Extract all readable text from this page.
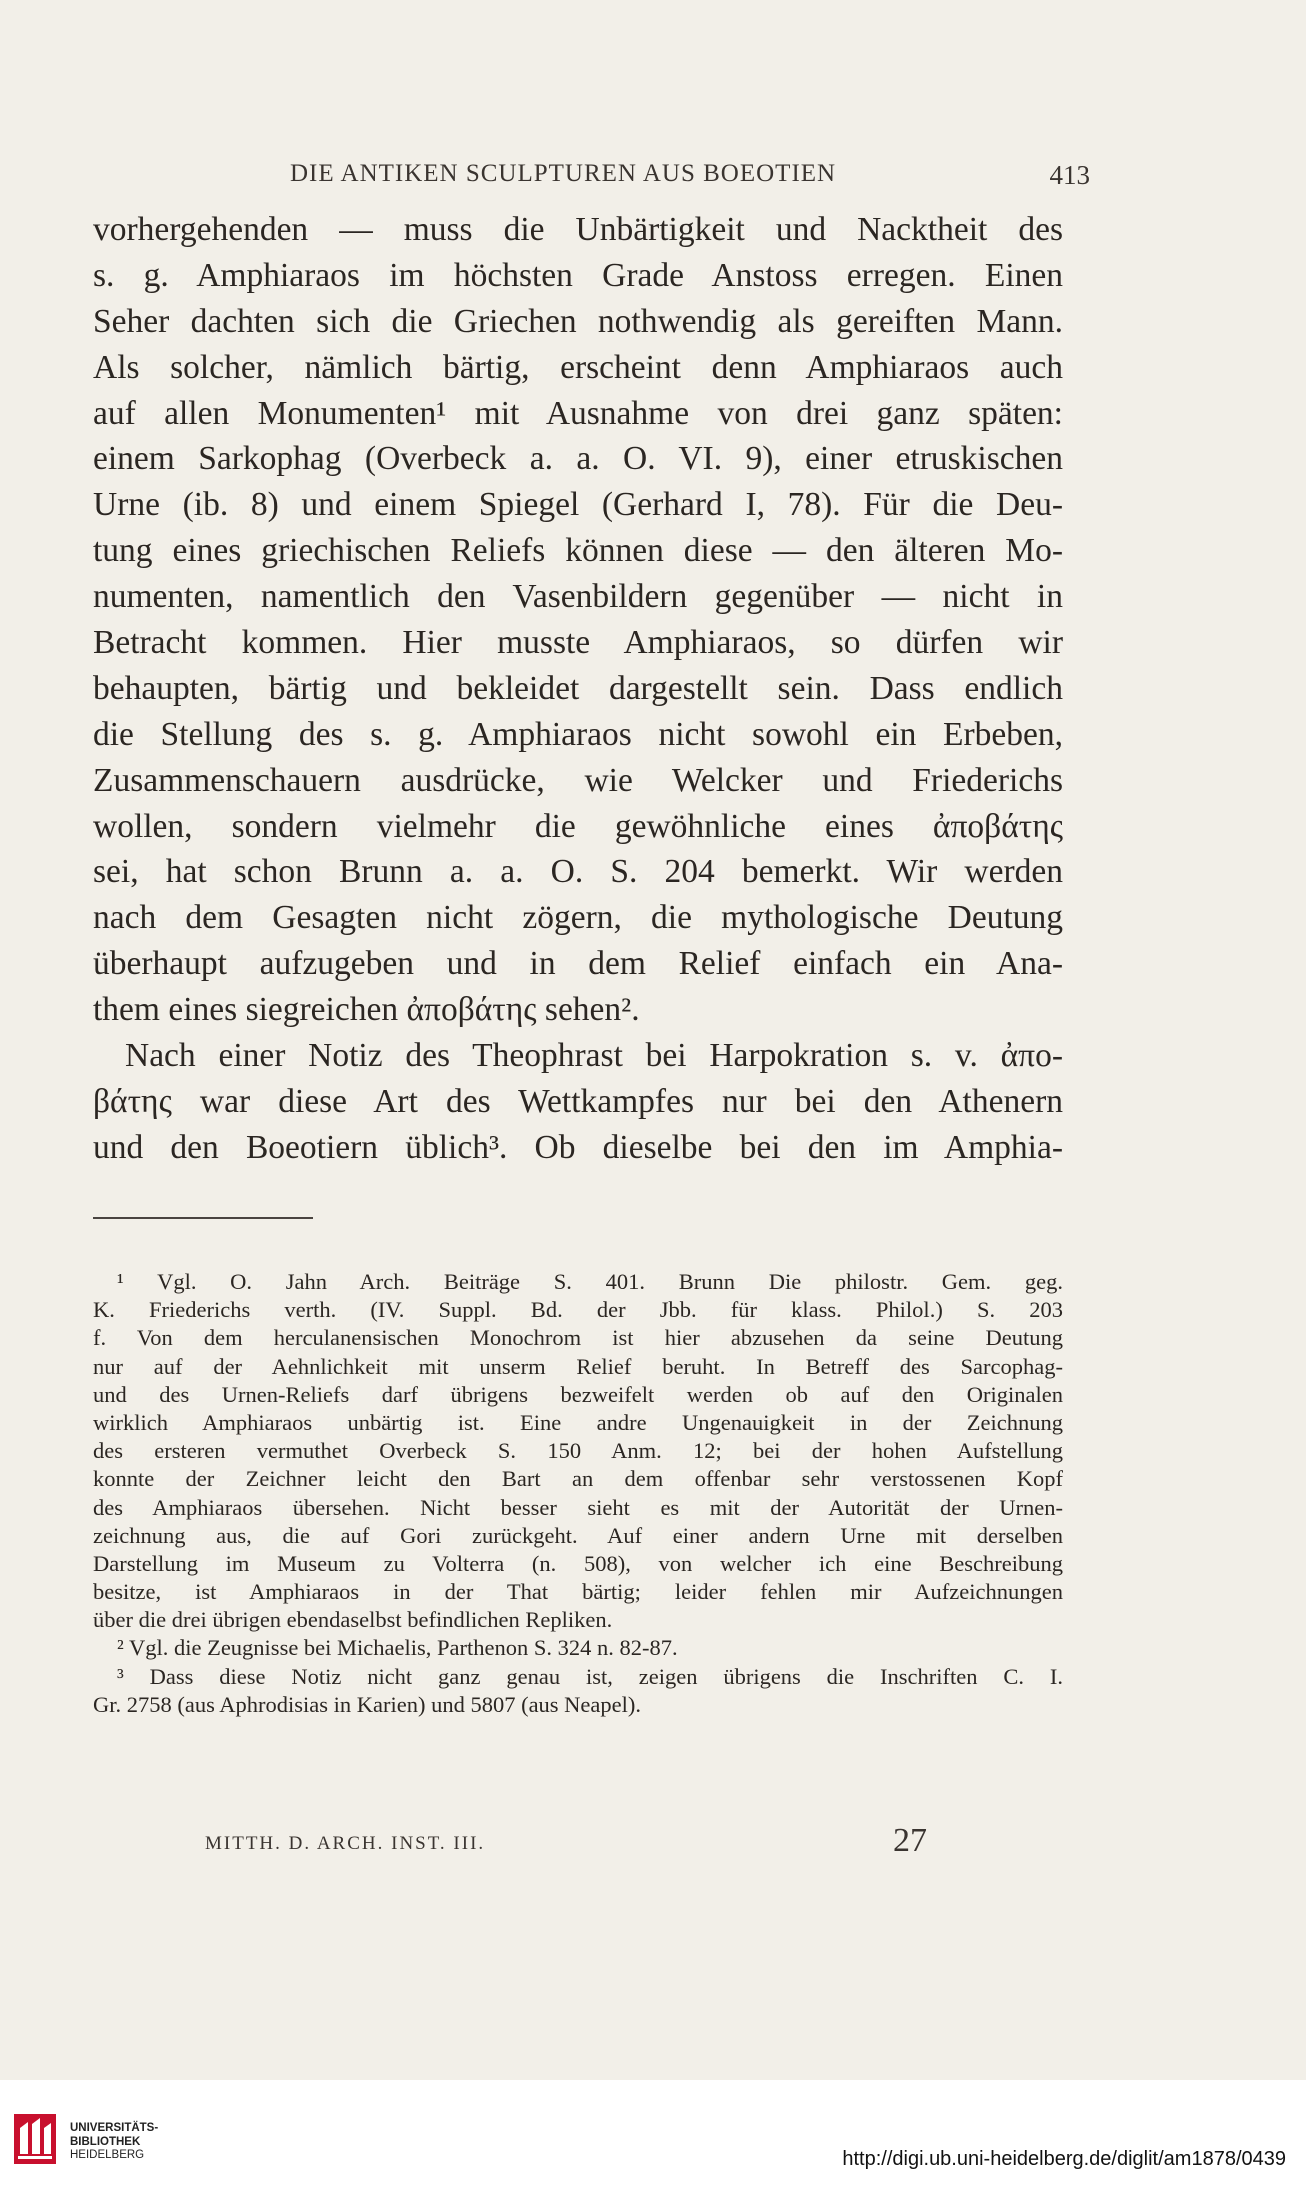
DIE ANTIKEN SCULPTUREN AUS BOEOTIEN	413
vorhergehenden — muss die Unbärtigkeit und Nacktheit des
s. g. Amphiaraos im höchsten Grade Anstoss erregen. Einen
Seher dachten sich die Griechen nothwendig als gereiften Mann.
Als solcher, nämlich bärtig, erscheint denn Amphiaraos auch
auf allen Monumenten¹ mit Ausnahme von drei ganz späten:
einem Sarkophag (Overbeck a. a. O. VI. 9), einer etruskischen
Urne (ib. 8) und einem Spiegel (Gerhard I, 78). Für die Deu-
tung eines griechischen Reliefs können diese — den älteren Mo-
numenten, namentlich den Vasenbildern gegenüber — nicht in
Betracht kommen. Hier musste Amphiaraos, so dürfen wir
behaupten, bärtig und bekleidet dargestellt sein. Dass endlich
die Stellung des s. g. Amphiaraos nicht sowohl ein Erbeben,
Zusammenschauern ausdrücke, wie Welcker und Friederichs
wollen, sondern vielmehr die gewöhnliche eines ἀποβάτης
sei, hat schon Brunn a. a. O. S. 204 bemerkt. Wir werden
nach dem Gesagten nicht zögern, die mythologische Deutung
überhaupt aufzugeben und in dem Relief einfach ein Ana-
them eines siegreichen ἀποβάτης sehen².
Nach einer Notiz des Theophrast bei Harpokration s. v. ἀπο-
βάτης war diese Art des Wettkampfes nur bei den Athenern
und den Boeotiern üblich³. Ob dieselbe bei den im Amphia-
¹ Vgl. O. Jahn Arch. Beiträge S. 401. Brunn Die philostr. Gem. geg.
K. Friederichs verth. (IV. Suppl. Bd. der Jbb. für klass. Philol.) S. 203
f. Von dem herculanensischen Monochrom ist hier abzusehen da seine Deutung
nur auf der Aehnlichkeit mit unserm Relief beruht. In Betreff des Sarcophag-
und des Urnen-Reliefs darf übrigens bezweifelt werden ob auf den Originalen
wirklich Amphiaraos unbärtig ist. Eine andre Ungenauigkeit in der Zeichnung
des ersteren vermuthet Overbeck S. 150 Anm. 12; bei der hohen Aufstellung
konnte der Zeichner leicht den Bart an dem offenbar sehr verstossenen Kopf
des Amphiaraos übersehen. Nicht besser sieht es mit der Autorität der Urnen-
zeichnung aus, die auf Gori zurückgeht. Auf einer andern Urne mit derselben
Darstellung im Museum zu Volterra (n. 508), von welcher ich eine Beschreibung
besitze, ist Amphiaraos in der That bärtig; leider fehlen mir Aufzeichnungen
über die drei übrigen ebendaselbst befindlichen Repliken.
² Vgl. die Zeugnisse bei Michaelis, Parthenon S. 324 n. 82-87.
³ Dass diese Notiz nicht ganz genau ist, zeigen übrigens die Inschriften C. I.
Gr. 2758 (aus Aphrodisias in Karien) und 5807 (aus Neapel).
MITTH. D. ARCH. INST. III.	27
UNIVERSITÄTS-
BIBLIOTHEK
HEIDELBERG	http://digi.ub.uni-heidelberg.de/diglit/am1878/0439
